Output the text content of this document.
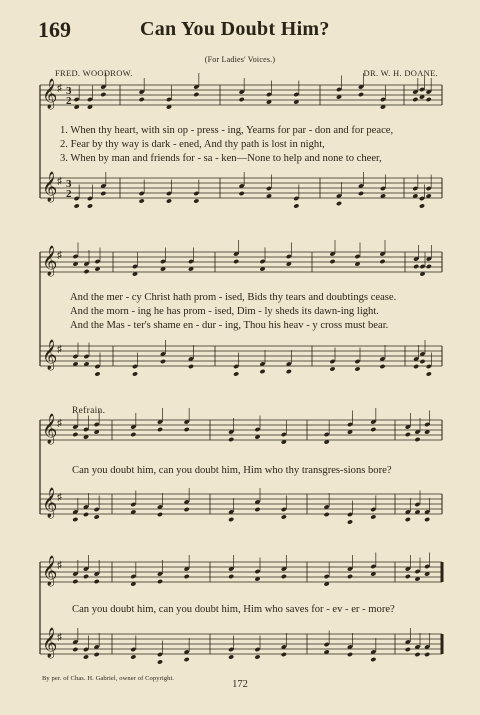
169	Can You Doubt Him?
(For Ladies' Voices.)
FRED. WOODROW.	DR. W. H. DOANE.
𝄞
𝄞
♯
♯
3
3
2
2
𝄞
𝄞
♯
♯
𝄞
𝄞
♯
♯
𝄞
𝄞
♯
♯
1. When thy heart, with sin op - press - ing, Yearns for par - don and for peace,
2. Fear by thy way is dark - ened, And thy path is lost in night,
3. When by man and friends for - sa - ken—None to help and none to cheer,
And the mer - cy Christ hath prom - ised, Bids thy tears and doubtings cease.
And the morn - ing he has prom - ised, Dim - ly sheds its dawn-ing light.
And the Mas - ter's shame en - dur - ing, Thou his heav - y cross must bear.
Refrain.
Can you doubt him, can you doubt him, Him who thy transgres-sions bore?
Can you doubt him, can you doubt him, Him who saves for - ev - er - more?
By per. of Chas. H. Gabriel, owner of Copyright.
172
